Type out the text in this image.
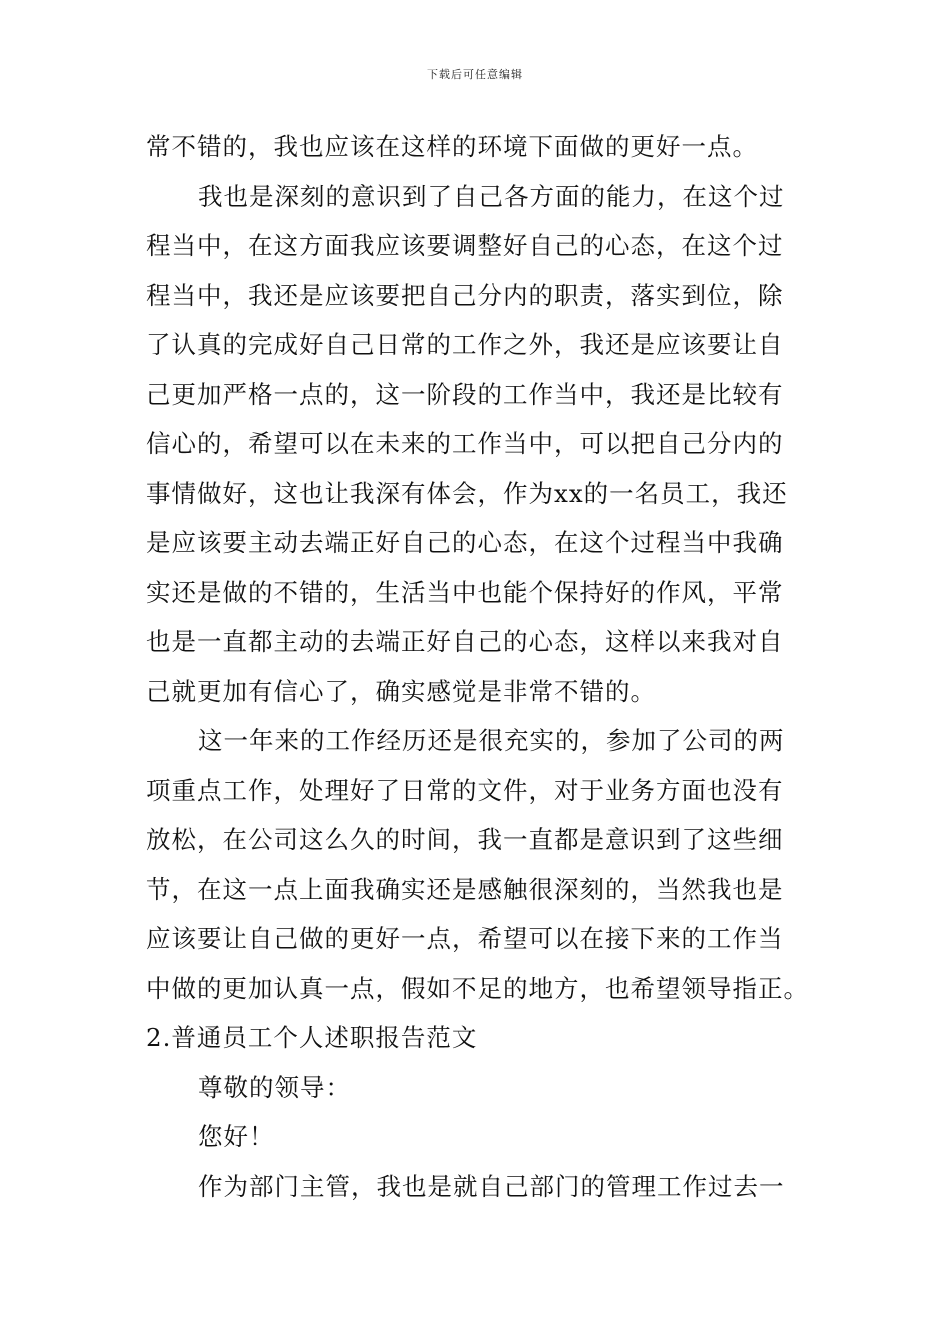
下载后可任意编辑
常不错的，我也应该在这样的环境下面做的更好一点。
我也是深刻的意识到了自己各方面的能力，在这个过
程当中，在这方面我应该要调整好自己的心态，在这个过
程当中，我还是应该要把自己分内的职责，落实到位，除
了认真的完成好自己日常的工作之外，我还是应该要让自
己更加严格一点的，这一阶段的工作当中，我还是比较有
信心的，希望可以在未来的工作当中，可以把自己分内的
事情做好，这也让我深有体会，作为xx的一名员工，我还
是应该要主动去端正好自己的心态，在这个过程当中我确
实还是做的不错的，生活当中也能个保持好的作风，平常
也是一直都主动的去端正好自己的心态，这样以来我对自
己就更加有信心了，确实感觉是非常不错的。
这一年来的工作经历还是很充实的，参加了公司的两
项重点工作，处理好了日常的文件，对于业务方面也没有
放松，在公司这么久的时间，我一直都是意识到了这些细
节，在这一点上面我确实还是感触很深刻的，当然我也是
应该要让自己做的更好一点，希望可以在接下来的工作当
中做的更加认真一点，假如不足的地方，也希望领导指正。
2.普通员工个人述职报告范文
尊敬的领导：
您好！
作为部门主管，我也是就自己部门的管理工作过去一
